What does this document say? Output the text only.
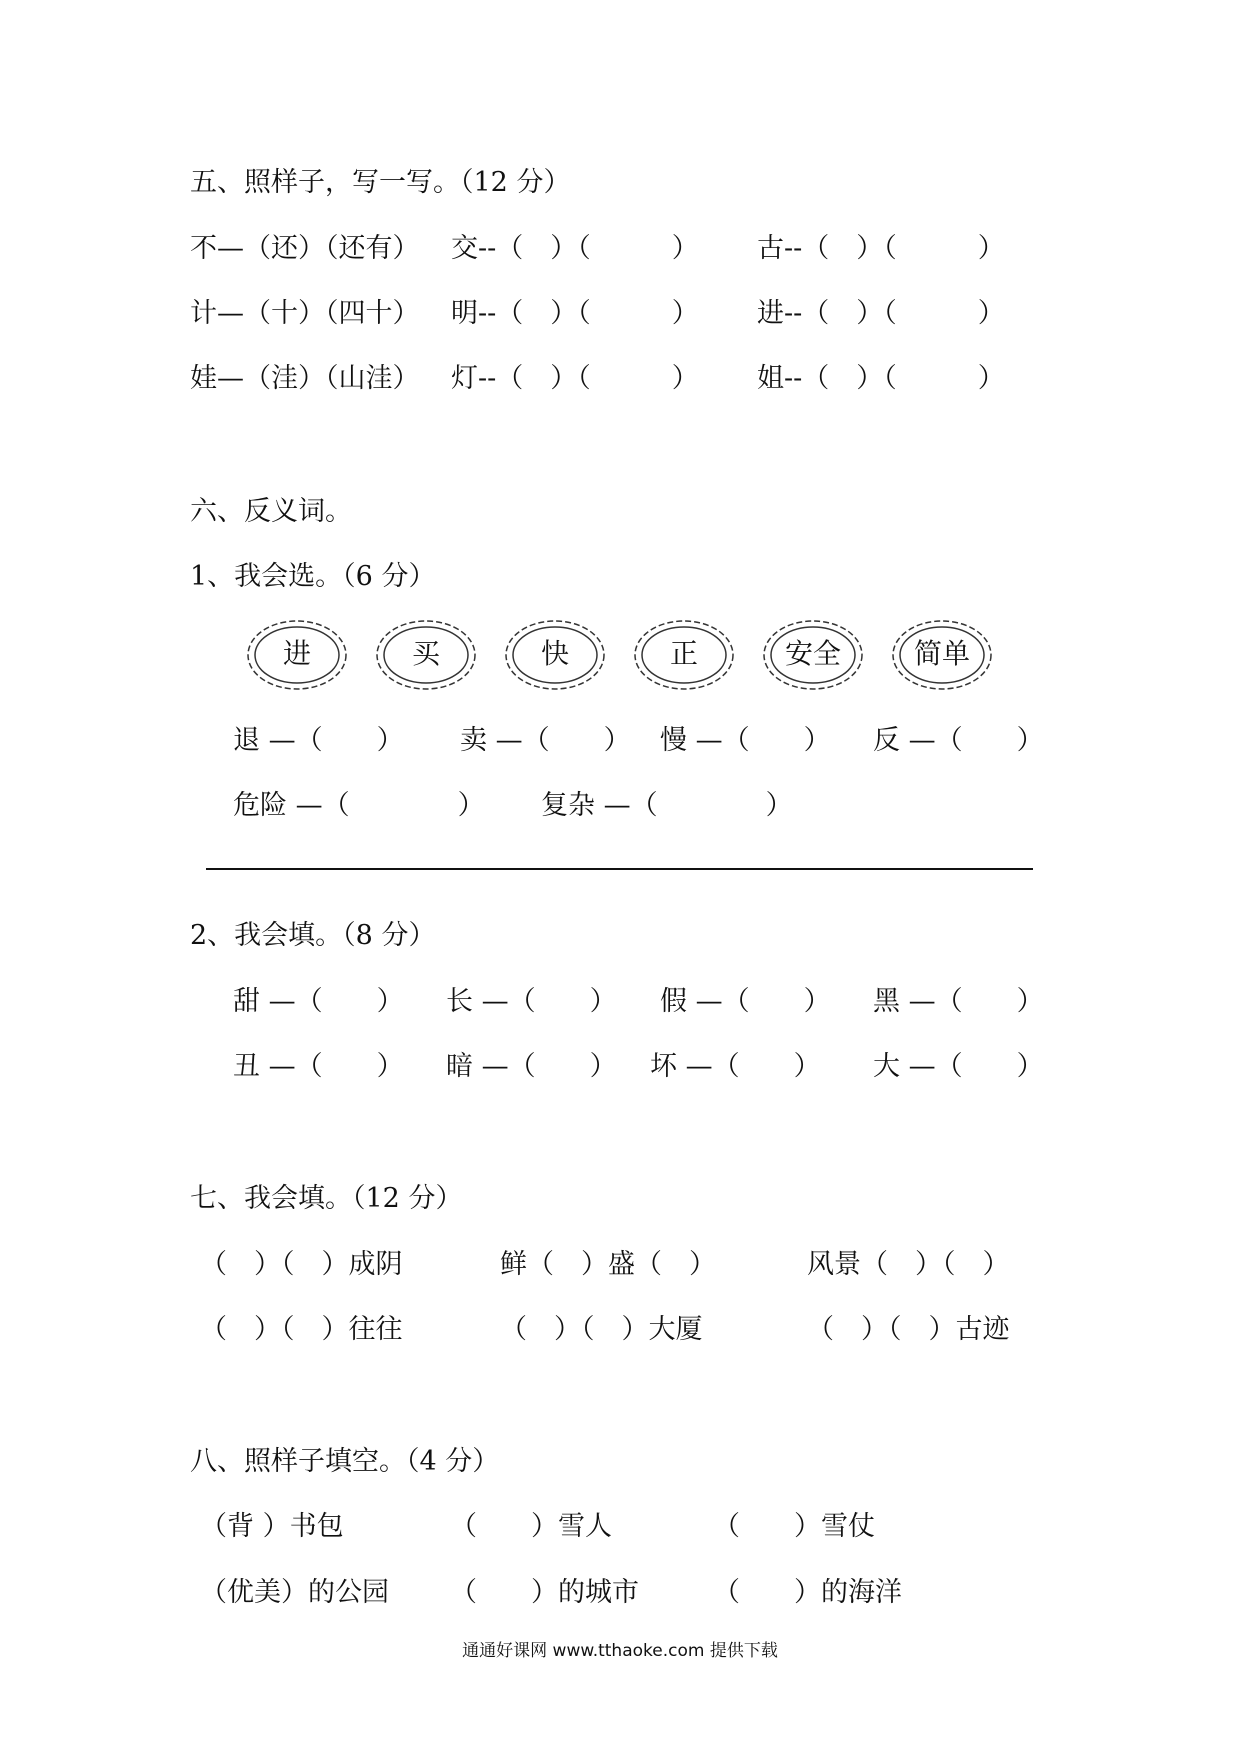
五、照样子，写一写。（12 分）
不—（还）（还有） 交--（　）（　　　） 古--（　）（　　　）
计—（十）（四十） 明--（　）（　　　） 进--（　）（　　　）
娃—（洼）（山洼） 灯--（　）（　　　） 姐--（　）（　　　）
六、反义词。
1、我会选。（6 分）
进	买	快	正	安全	简单
退 —（　　） 卖 —（　　） 慢 —（　　） 反 —（　　）
危险 —（　　　　） 复杂 —（　　　　）
2、我会填。（8 分）
甜 —（　　） 长 —（　　） 假 —（　　） 黑 —（　　）
丑 —（　　） 暗 —（　　） 坏 —（　　） 大 —（　　）
七、我会填。（12 分）
（　）（　）成阴	鲜（　）盛（　）	风景（　）（　）
（　）（　）往往	（　）（　）大厦	（　）（　）古迹
八、照样子填空。（4 分）
（背 ）书包	（　　）雪人	（　　）雪仗
（优美）的公园 （　　）的城市	（　　）的海洋
通通好课网 www.tthaoke.com 提供下载
